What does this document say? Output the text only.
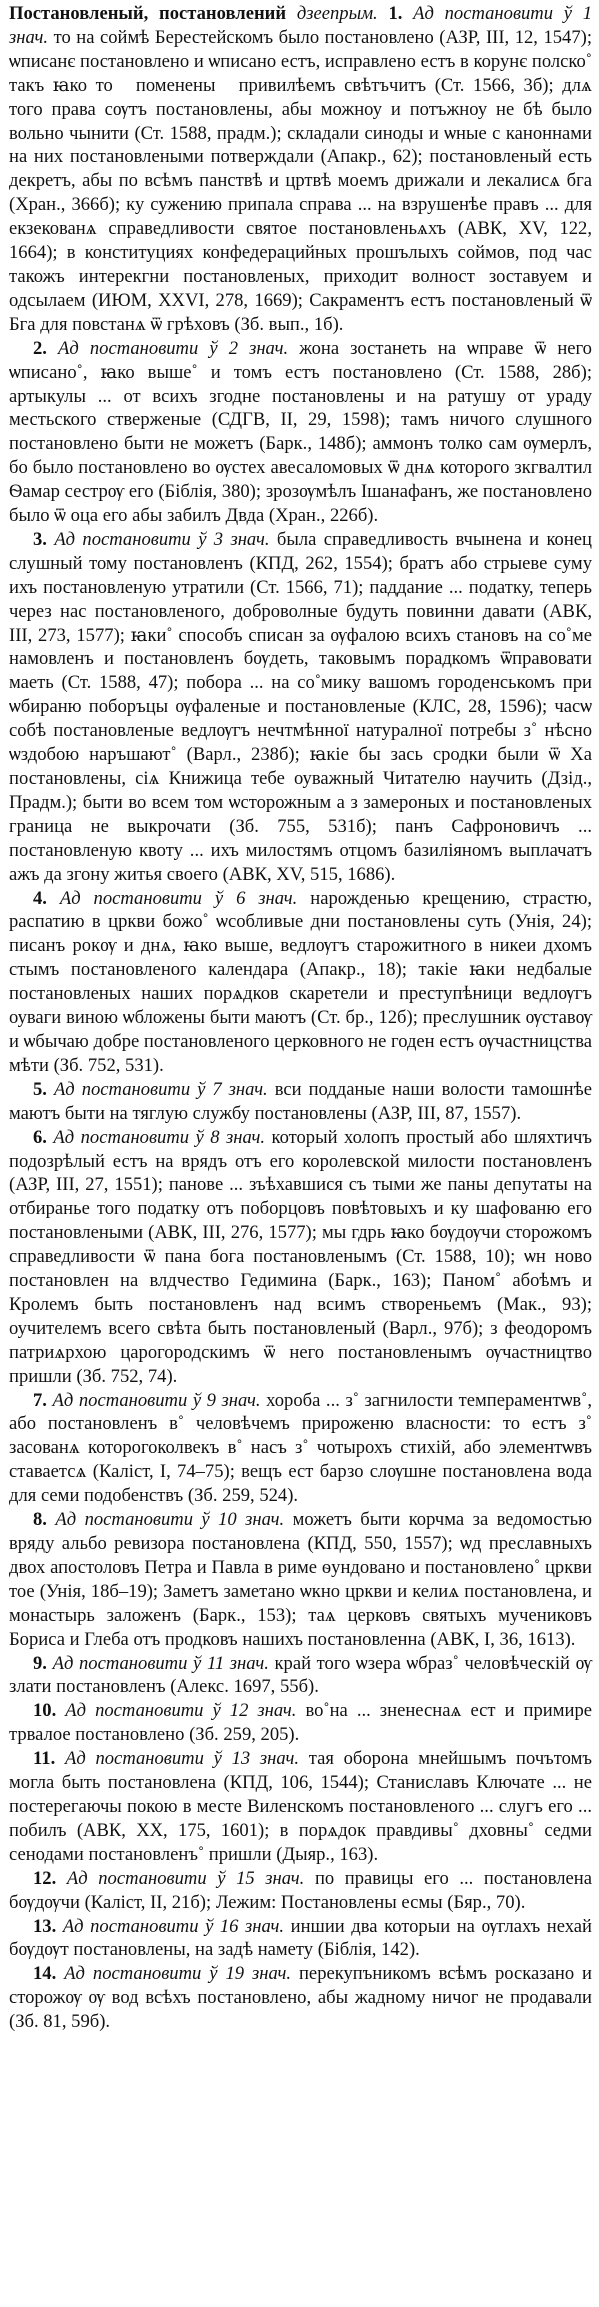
Постановленый, постановлений дзеепрым. 1. Ад постановити ў 1 знач. то на соймѣ Берестейскомъ было постановлено (АЗР, III, 12, 1547); ѡписанє постановлено и ѡписано естъ, исправлено естъ в корунє полско˚ такъ ꙗко тоⷨ помененыⷨ привилѣемъ свѣтъчитъ (Ст. 1566, 3б); длѧ того права сѹтъ постановлены, абы можноу и потъжноу не бѣ было вольно чынити (Ст. 1588, прадм.); складали синоды и ѡные с каноннами на них постановлеными потверждали (Апакр., 62); постановленый есть декретъ, абы по всѣмъ панствѣ и цртвѣ моемъ дрижали и лекалисѧ бга (Хран., 366б); ку сужению припала справа ... на взрушенѣе правъ ... для екзекованѧ справедливости святое постановленьѧхъ (АВК, XV, 122, 1664); в конституциях конфедерацийных прошълыхъ соймов, под час такожъ интерекгни постановленых, приходит волност зоставуем и одсылаем (ИЮМ, XXVI, 278, 1669); Сакраментъ естъ постановленый ѿ Бга для повстанѧ ѿ грѣховъ (Зб. вып., 1б).

2. Ад постановити ў 2 знач. жона зостанеть на ѡправе ѿ него ѡписано˚, ꙗко выше˚ и томъ естъ постановлено (Ст. 1588, 28б); артыкулы ... от всихъ згодне постановлены и на ратушу от ураду местьского стверженые (СДГВ, II, 29, 1598); тамъ ничого слушного постановлено быти не можетъ (Барк., 148б); аммонъ толко сам ѹмерлъ, бо было постановлено во ѹстех авесаломовых ѿ днѧ которого зкгвалтил Ѳамар сестрѹ его (Біблія, 380); зрозѹмѣлъ Ішанафанъ, же постановлено было ѿ оца его абы забилъ Двда (Хран., 226б).

3. Ад постановити ў 3 знач. была справедливость вчынена и конец слушный тому постановленъ (КПД, 262, 1554); братъ або стрыеве суму ихъ постановленую утратили (Ст. 1566, 71); паддание ... податку, теперь через нас постановленого, доброволные будуть повинни давати (АВК, III, 273, 1577); ꙗки˚ способъ списан за ѹфалою всихъ становъ на со˚ме намовленъ и постановленъ бѹдеть, таковымъ порадкомъ ѿправовати маеть (Ст. 1588, 47); побора ... на со˚мику вашомъ городенськомъ при ѡбираню поборъцы ѹфаленые и постановленые (КЛС, 28, 1596); часѡ собѣ постановленые ведлѹгъ нечтмѣнної натуралної потребы з˚ нѣсно ѡздобою наръшают˚ (Варл., 238б); ꙗкіе бы зась сродки были ѿ Ха постановлены, сіѧ Книжица тебе оуважный Читателю научить (Дзід., Прадм.); быти во всем том ѡсторожным а з замероных и постановленых граница не выкрочати (Зб. 755, 531б); панъ Сафроновичъ ... постановленую квоту ... ихъ милостямъ отцомъ базиліяномъ выплачатъ ажъ да згону житья своего (АВК, XV, 515, 1686).

4. Ад постановити ў 6 знач. нарожденью крещению, страстю, распатию в цркви божо˚ ѡсобливые дни постановлены суть (Унія, 24); писанъ рокѹ и днѧ, ꙗко выше, ведлѹгъ старожитного в никеи дхомъ стымъ постановленого календара (Апакр., 18); такіе ꙗки недбалые постановленых наших порѧдков скаретели и преступѣници ведлѹгъ оуваги виною ѡбложены быти маютъ (Ст. бр., 12б); преслушник ѹставѹ и ѡбычаю добре постановленого церковного не годен естъ ѹчастницства мѣти (Зб. 752, 531).

5. Ад постановити ў 7 знач. вси подданые наши волости тамошнѣе маютъ быти на тяглую службу постановлены (АЗР, III, 87, 1557).

6. Ад постановити ў 8 знач. который холопъ простый або шляхтичъ подозрѣлый естъ на врядъ отъ его королевской милости постановленъ (АЗР, III, 27, 1551); панове ... зъѣхавшися съ тыми же паны депутаты на отбиранье того податку отъ поборцовъ повѣтовыхъ и ку шафованю его постановлеными (АВК, III, 276, 1577); мы гдрь ꙗко бѹдѹчи сторожомъ справедливости ѿ пана бога постановленымъ (Ст. 1588, 10); ѡн ново постановлен на влдчество Гедимина (Барк., 163); Паном˚ абоѣмъ и Кролемъ быть постановленъ над всимъ створеньемъ (Мак., 93); оучителемъ всего свѣта быть постановленый (Варл., 97б); з феодоромъ патриѧрхою царогородскимъ ѿ него постановленымъ ѹчастництво пришли (Зб. 752, 74).

7. Ад постановити ў 9 знач. хороба ... з˚ загнилости темпераментѡв˚, або постановленъ в˚ человѣчемъ прироженю власности: то естъ з˚ засованѧ которогоколвекъ в˚ насъ з˚ чотырохъ стихій, або элементѡвъ ставаетсѧ (Каліст, I, 74–75); вещъ ест барзо слѹшне постановлена вода для семи подобенствъ (Зб. 259, 524).

8. Ад постановити ў 10 знач. можетъ быти корчма за ведомостью вряду альбо ревизора постановлена (КПД, 550, 1557); ѡд преславныхъ двох апостоловъ Петра и Павла в риме ѳундовано и постановлено˚ цркви тое (Унія, 18б–19); Заметъ заметано ѡкно цркви и келиѧ постановлена, и монастырь заложенъ (Барк., 153); таѧ церковъ святыхъ мучениковъ Бориса и Глеба отъ продковъ нашихъ постановленна (АВК, I, 36, 1613).

9. Ад постановити ў 11 знач. край того ѡзера ѡбраз˚ человѣческій ѹ злати постановленъ (Алекс. 1697, 55б).

10. Ад постановити ў 12 знач. во˚на ... зненеснаѧ ест и примире трвалое постановлено (Зб. 259, 205).

11. Ад постановити ў 13 знач. тая оборона мнейшымъ почътомъ могла быть постановлена (КПД, 106, 1544); Станиславъ Ключате ... не постерегаючы покою в месте Виленскомъ постановленого ... слугъ его ... побилъ (АВК, XX, 175, 1601); в порѧдок правдивы˚ дховны˚ седми сенодами постановленъ˚ пришли (Дыяр., 163).

12. Ад постановити ў 15 знач. по правицы его ... постановлена бѹдѹчи (Каліст, II, 21б); Лежим: Постановлены есмы (Бяр., 70).

13. Ад постановити ў 16 знач. иншии два которыи на ѹглахъ нехай бѹдѹт постановлены, на задѣ намету (Біблія, 142).

14. Ад постановити ў 19 знач. перекупъникомъ всѣмъ росказано и сторожѹ ѹ вод всѣхъ постановлено, абы жадному ничог не продавали (Зб. 81, 59б).
